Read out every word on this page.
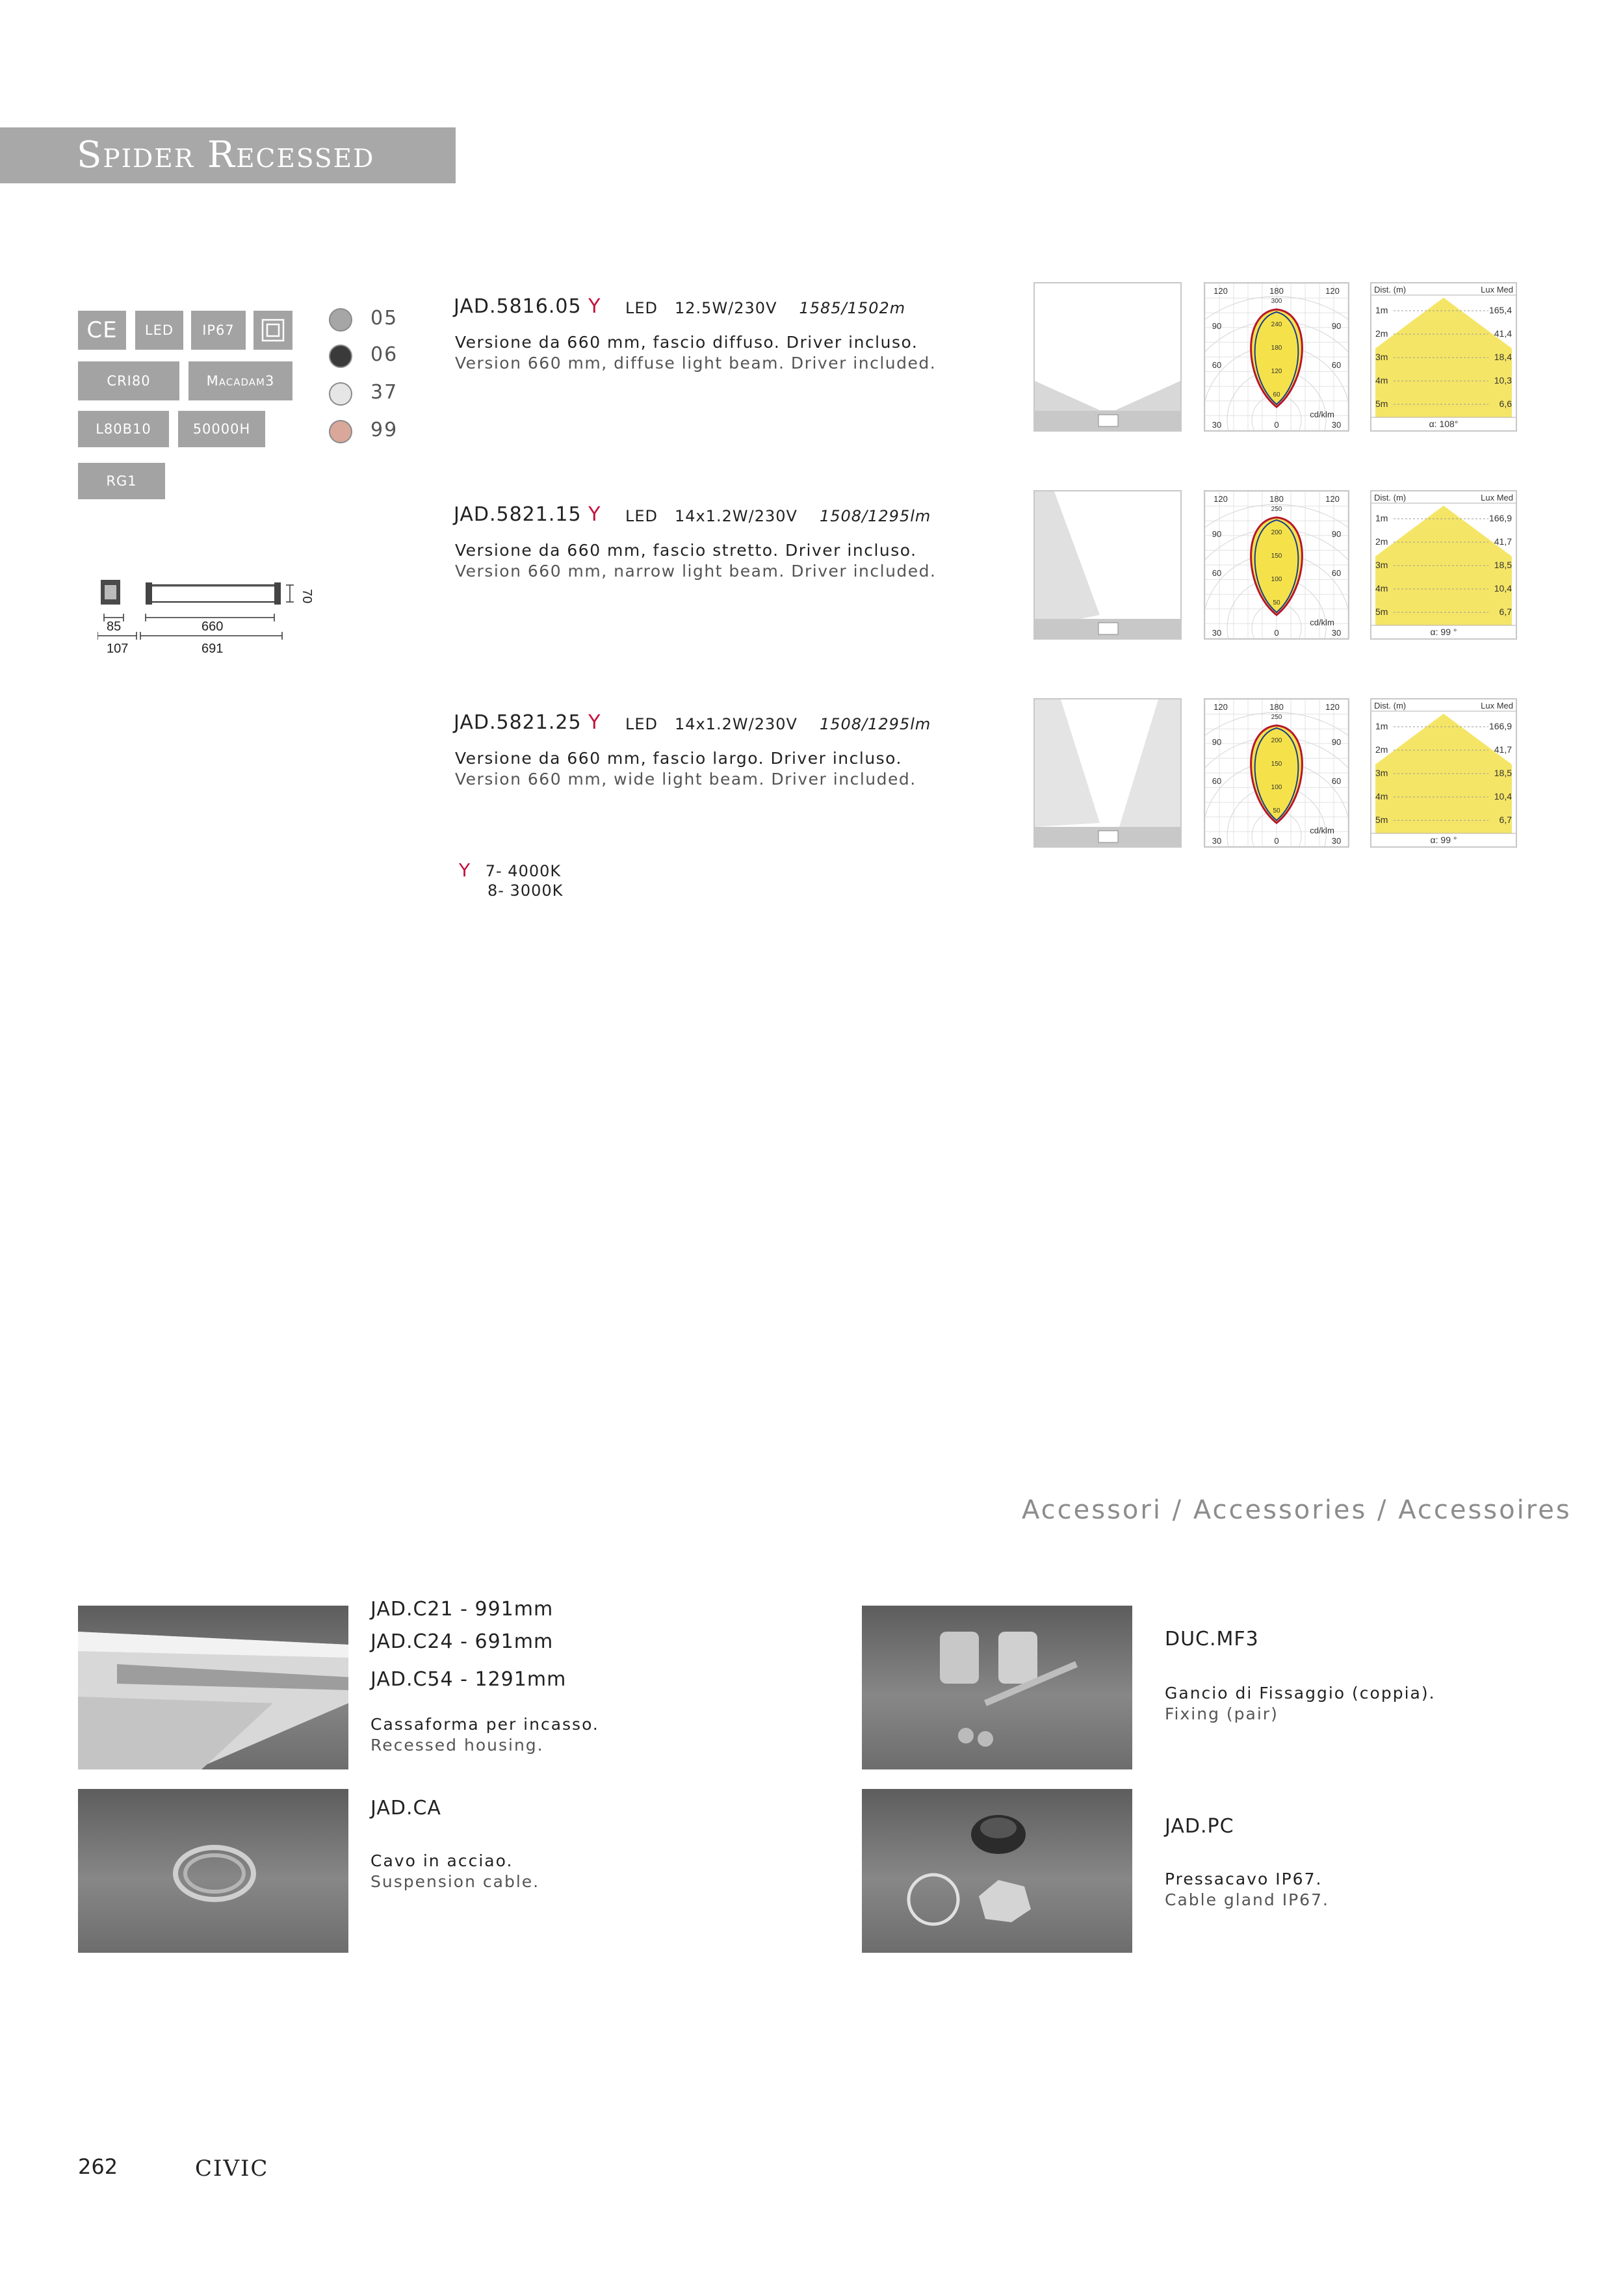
Spider Recessed
CE	LED	IP67
CRI80	Macadam3
L80B10	50000H
RG1
05
06
37
99
70
85	660
107	691
JAD.5816.05 Y LED 12.5W/230V 1585/1502m
Versione da 660 mm, fascio diffuso. Driver incluso.
Version 660 mm, diffuse light beam. Driver included.
120	180	120
90	90
60	60
30	0	30
60
120
180
240
300
cd/klm
Dist. (m)	Lux Med
1m	165,4
2m	41,4
3m	18,4
4m	10,3
5m	6,6
α: 108°
JAD.5821.15 Y LED 14x1.2W/230V 1508/1295lm
Versione da 660 mm, fascio stretto. Driver incluso.
Version 660 mm, narrow light beam. Driver included.
120	180	120
90	90
60	60
30	0	30
50
100
150
200
250
cd/klm
Dist. (m)	Lux Med
1m	166,9
2m	41,7
3m	18,5
4m	10,4
5m	6,7
α: 99 °
JAD.5821.25 Y LED 14x1.2W/230V 1508/1295lm
Versione da 660 mm, fascio largo. Driver incluso.
Version 660 mm, wide light beam. Driver included.
120	180	120
90	90
60	60
30	0	30
50
100
150
200
250
cd/klm
Dist. (m)	Lux Med
1m	166,9
2m	41,7
3m	18,5
4m	10,4
5m	6,7
α: 99 °
Y 7- 4000K
8- 3000K
Accessori / Accessories / Accessoires
JAD.C21 - 991mm
JAD.C24 - 691mm
JAD.C54 - 1291mm
Cassaforma per incasso.
Recessed housing.
DUC.MF3
Gancio di Fissaggio (coppia).
Fixing (pair)
JAD.CA
Cavo in acciao.
Suspension cable.
JAD.PC
Pressacavo IP67.
Cable gland IP67.
262	CIVIC
